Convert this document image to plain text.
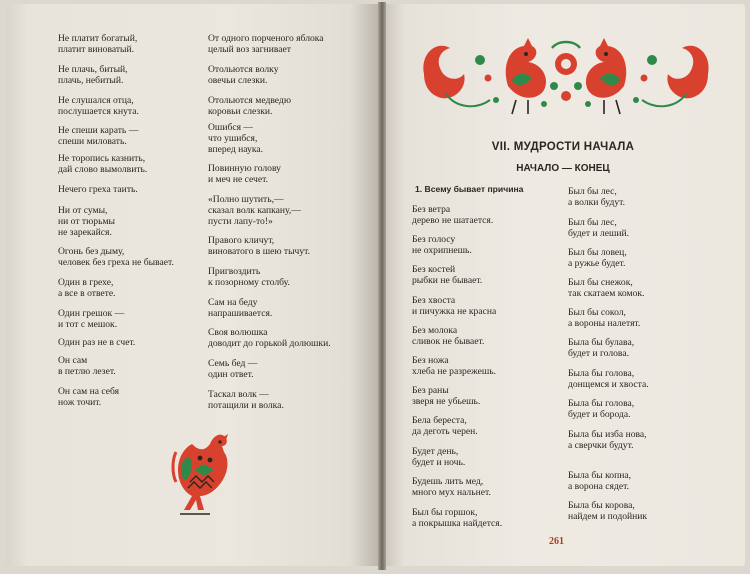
Не платит богатый,
платит виноватый.
Не плачь, битый,
плачь, небитый.
Не слушался отца,
послушается кнута.
Не спеши карать —
спеши миловать.
Не торопись казнить,
дай слово вымолвить.
Нечего греха таить.
Ни от сумы,
ни от тюрьмы
не зарекайся.
Огонь без дыму,
человек без греха не бывает.
Один в грехе,
а все в ответе.
Один грешок —
и тот с мешок.
Один раз не в счет.
Он сам
в петлю лезет.
Он сам на себя
нож точит.
От одного порченого яблока
целый воз загнивает
Отольются волку
овечьи слезки.
Отольются медведю
коровьи слезки.
Ошибся —
что ушибся,
вперед наука.
Повинную голову
и меч не сечет.
«Полно шутить,—
сказал волк капкану,—
пусти лапу-то!»
Правого кличут,
виноватого в шею тычут.
Пригвоздить
к позорному столбу.
Сам на беду
напрашивается.
Своя волюшка
доводит до горькой долюшки.
Семь бед —
один ответ.
Таскал волк —
потащили и волка.
VII. МУДРОСТИ НАЧАЛА
НАЧАЛО — КОНЕЦ
1. Всему бывает причина
Без ветра
дерево не шатается.
Без голосу
не охрипнешь.
Без костей
рыбки не бывает.
Без хвоста
и пичужка не красна
Без молока
сливок не бывает.
Без ножа
хлеба не разрежешь.
Без раны
зверя не убьешь.
Бела береста,
да деготь черен.
Будет день,
будет и ночь.
Будешь лить мед,
много мух нальнет.
Был бы горшок,
а покрышка найдется.
Был бы лес,
а волки будут.
Был бы лес,
будет и леший.
Был бы ловец,
а ружье будет.
Был бы снежок,
так скатаем комок.
Был бы сокол,
а вороны налетят.
Была бы булава,
будет и голова.
Была бы голова,
донщемся и хвоста.
Была бы голова,
будет и борода.
Была бы изба нова,
а сверчки будут.
Была бы копна,
а ворона сядет.
Была бы корова,
найдем и подойник
261
